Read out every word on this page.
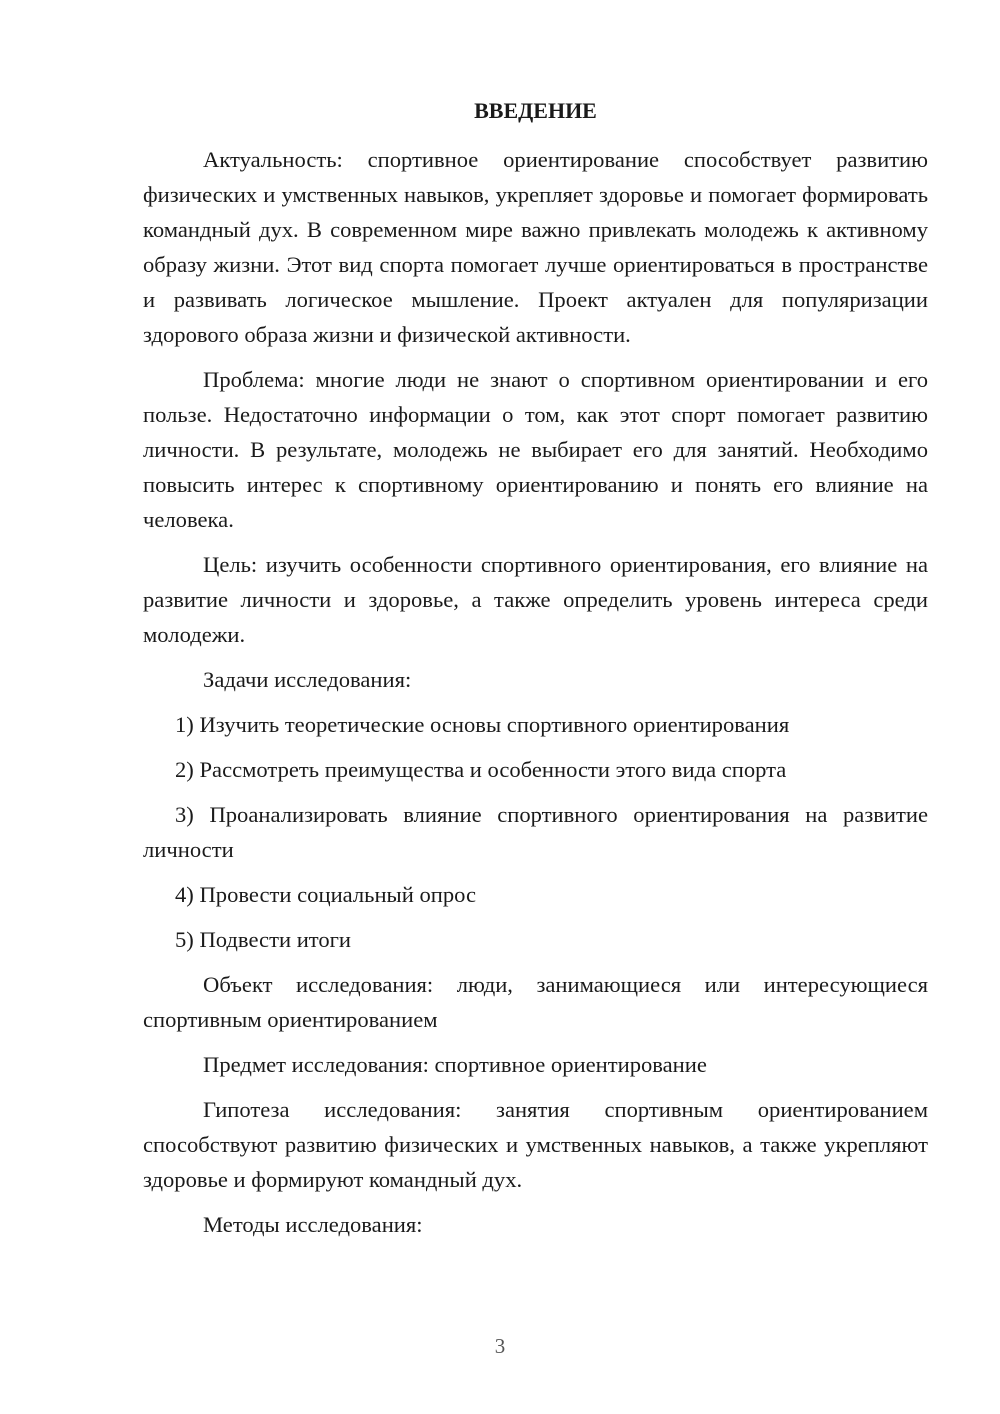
ВВЕДЕНИЕ

Актуальность: спортивное ориентирование способствует развитию физических и умственных навыков, укрепляет здоровье и помогает формировать командный дух. В современном мире важно привлекать молодежь к активному образу жизни. Этот вид спорта помогает лучше ориентироваться в пространстве и развивать логическое мышление. Проект актуален для популяризации здорового образа жизни и физической активности.

Проблема: многие люди не знают о спортивном ориентировании и его пользе. Недостаточно информации о том, как этот спорт помогает развитию личности. В результате, молодежь не выбирает его для занятий. Необходимо повысить интерес к спортивному ориентированию и понять его влияние на человека.

Цель: изучить особенности спортивного ориентирования, его влияние на развитие личности и здоровье, а также определить уровень интереса среди молодежи.

Задачи исследования:

1) Изучить теоретические основы спортивного ориентирования

2) Рассмотреть преимущества и особенности этого вида спорта

3) Проанализировать влияние спортивного ориентирования на развитие личности

4) Провести социальный опрос

5) Подвести итоги

Объект исследования: люди, занимающиеся или интересующиеся спортивным ориентированием

Предмет исследования: спортивное ориентирование

Гипотеза исследования: занятия спортивным ориентированием способствуют развитию физических и умственных навыков, а также укрепляют здоровье и формируют командный дух.

Методы исследования:

3
